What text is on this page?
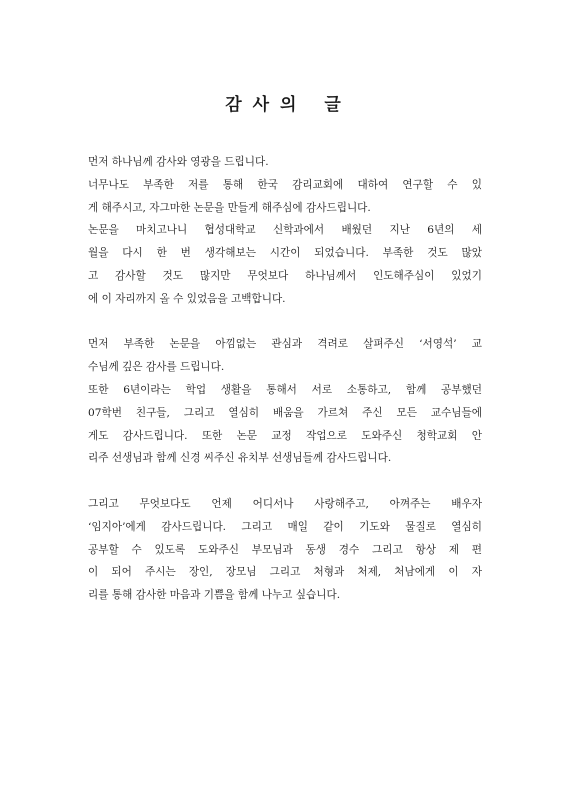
감사의 글
먼저 하나님께 감사와 영광을 드립니다.
너무나도 부족한 저를 통해 한국 감리교회에 대하여 연구할 수 있
게 해주시고, 자그마한 논문을 만들게 해주심에 감사드립니다.
논문을 마치고나니 협성대학교 신학과에서 배웠던 지난 6년의 세
월을 다시 한 번 생각해보는 시간이 되었습니다. 부족한 것도 많았
고 감사할 것도 많지만 무엇보다 하나님께서 인도해주심이 있었기
에 이 자리까지 올 수 있었음을 고백합니다.
먼저 부족한 논문을 아낌없는 관심과 격려로 살펴주신 ‘서영석’ 교
수님께 깊은 감사를 드립니다.
또한 6년이라는 학업 생활을 통해서 서로 소통하고, 함께 공부했던
07학번 친구들, 그리고 열심히 배움을 가르쳐 주신 모든 교수님들에
게도 감사드립니다. 또한 논문 교정 작업으로 도와주신 청학교회 안
리주 선생님과 함께 신경 씨주신 유치부 선생님들께 감사드립니다.
그리고 무엇보다도 언제 어디서나 사랑해주고, 아껴주는 배우자
‘임지아’에게 감사드립니다. 그리고 매일 같이 기도와 물질로 열심히
공부할 수 있도록 도와주신 부모님과 동생 경수 그리고 항상 제 편
이 되어 주시는 장인, 장모님 그리고 처형과 처제, 처남에게 이 자
리를 통해 감사한 마음과 기쁨을 함께 나누고 싶습니다.
